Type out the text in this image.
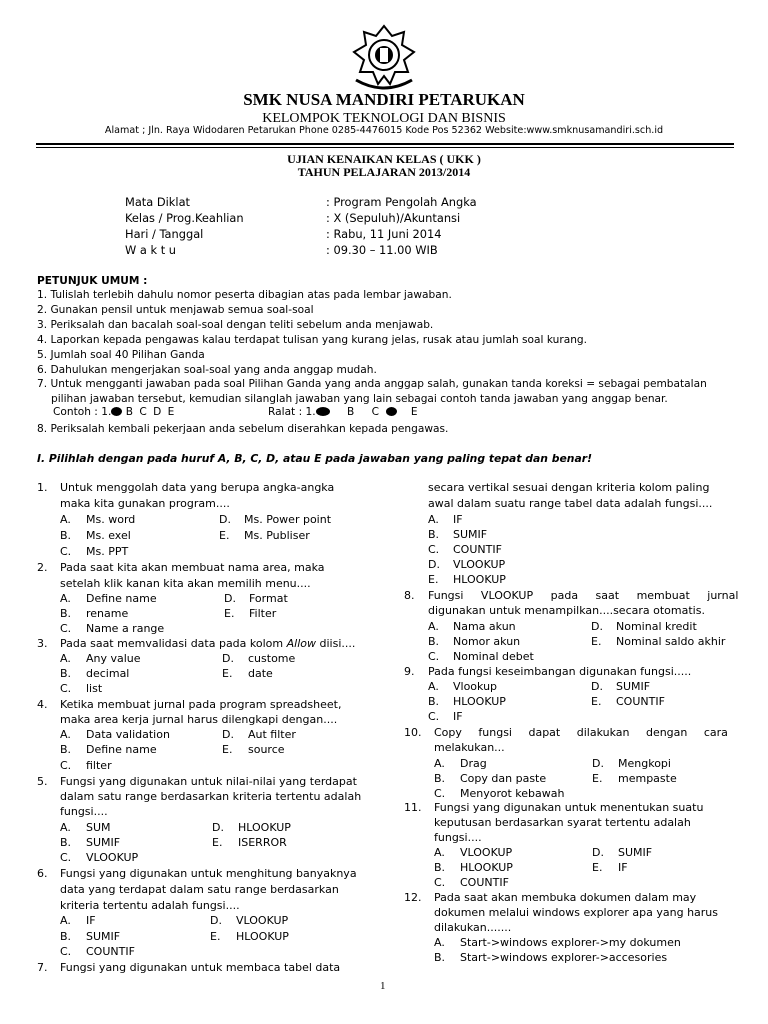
SMK NUSA MANDIRI PETARUKAN
KELOMPOK TEKNOLOGI DAN BISNIS
Alamat ; Jln. Raya Widodaren Petarukan Phone 0285-4476015 Kode Pos 52362 Website:www.smknusamandiri.sch.id
UJIAN KENAIKAN KELAS ( UKK )
TAHUN PELAJARAN 2013/2014
Mata Diklat	: Program Pengolah Angka
Kelas / Prog.Keahlian	: X (Sepuluh)/Akuntansi
Hari / Tanggal	: Rabu, 11 Juni 2014
W a k t u	: 09.30 – 11.00 WIB
PETUNJUK UMUM :
1. Tulislah terlebih dahulu nomor peserta dibagian atas pada lembar jawaban.
2. Gunakan pensil untuk menjawab semua soal-soal
3. Periksalah dan bacalah soal-soal dengan teliti sebelum anda menjawab.
4. Laporkan kepada pengawas kalau terdapat tulisan yang kurang jelas, rusak atau jumlah soal kurang.
5. Jumlah soal 40 Pilihan Ganda
6. Dahulukan mengerjakan soal-soal yang anda anggap mudah.
7. Untuk mengganti jawaban pada soal Pilihan Ganda yang anda anggap salah, gunakan tanda koreksi = sebagai pembatalan
pilihan jawaban tersebut, kemudian silanglah jawaban yang lain sebagai contoh tanda jawaban yang anggap benar.
Contoh : 1. B C D E	Ralat : 1.	B C	E
8. Periksalah kembali pekerjaan anda sebelum diserahkan kepada pengawas.
I. Pilihlah dengan pada huruf A, B, C, D, atau E pada jawaban yang paling tepat dan benar!
1. Untuk menggolah data yang berupa angka-angka
maka kita gunakan program....
A. Ms. word	D. Ms. Power point
B. Ms. exel	E. Ms. Publiser
C. Ms. PPT
2. Pada saat kita akan membuat nama area, maka
setelah klik kanan kita akan memilih menu....
A. Define name	D. Format
B. rename	E. Filter
C. Name a range
3. Pada saat memvalidasi data pada kolom Allow diisi....
A. Any value	D. custome
B. decimal	E. date
C. list
4. Ketika membuat jurnal pada program spreadsheet,
maka area kerja jurnal harus dilengkapi dengan....
A. Data validation	D. Aut filter
B. Define name	E. source
C. filter
5. Fungsi yang digunakan untuk nilai-nilai yang terdapat
dalam satu range berdasarkan kriteria tertentu adalah
fungsi....
A. SUM	D. HLOOKUP
B. SUMIF	E. ISERROR
C. VLOOKUP
6. Fungsi yang digunakan untuk menghitung banyaknya
data yang terdapat dalam satu range berdasarkan
kriteria tertentu adalah fungsi....
A. IF	D. VLOOKUP
B. SUMIF	E. HLOOKUP
C. COUNTIF
7. Fungsi yang digunakan untuk membaca tabel data
secara vertikal sesuai dengan kriteria kolom paling
awal dalam suatu range tabel data adalah fungsi....
A. IF
B. SUMIF
C. COUNTIF
D. VLOOKUP
E. HLOOKUP
8. Fungsi VLOOKUP pada saat membuat jurnal
digunakan untuk menampilkan....secara otomatis.
A. Nama akun	D. Nominal kredit
B. Nomor akun	E. Nominal saldo akhir
C. Nominal debet
9. Pada fungsi keseimbangan digunakan fungsi.....
A. Vlookup	D. SUMIF
B. HLOOKUP	E. COUNTIF
C. IF
10. Copy fungsi dapat dilakukan dengan cara
melakukan...
A. Drag	D. Mengkopi
B. Copy dan paste	E. mempaste
C. Menyorot kebawah
11. Fungsi yang digunakan untuk menentukan suatu
keputusan berdasarkan syarat tertentu adalah
fungsi....
A. VLOOKUP	D. SUMIF
B. HLOOKUP	E. IF
C. COUNTIF
12. Pada saat akan membuka dokumen dalam may
dokumen melalui windows explorer apa yang harus
dilakukan.......
A. Start->windows explorer->my dokumen
B. Start->windows explorer->accesories
1
